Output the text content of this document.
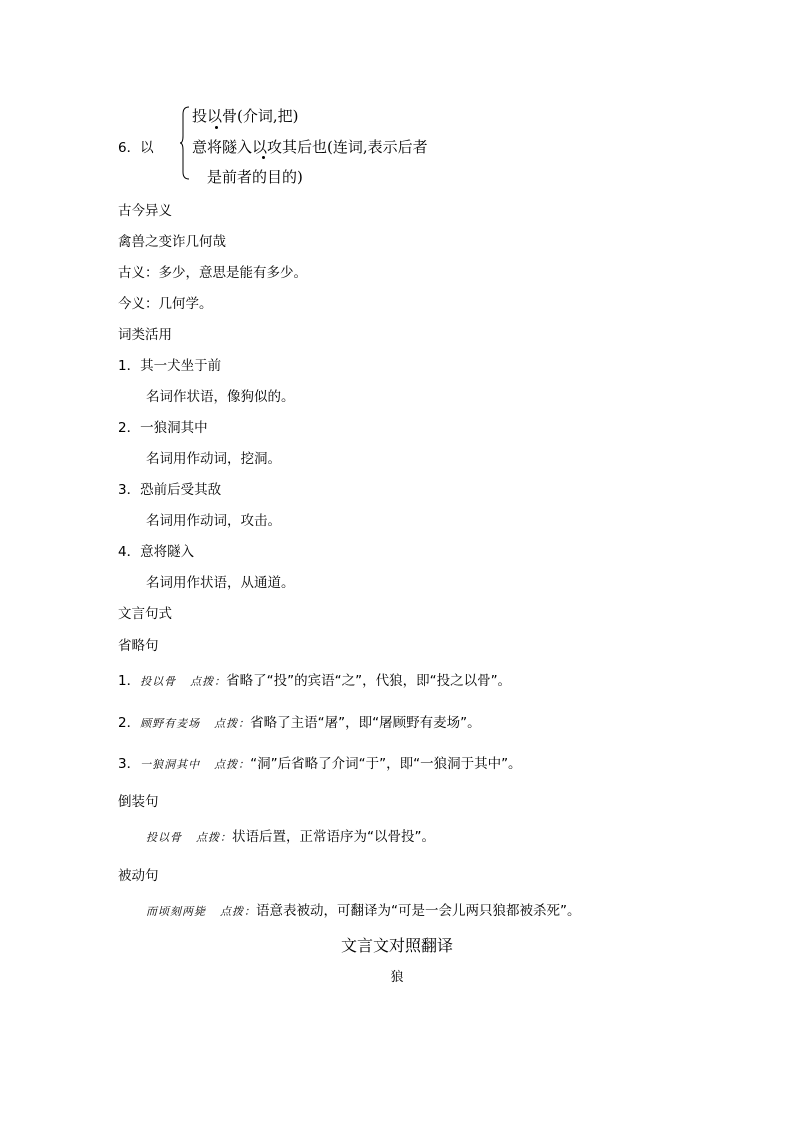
6．以
投以骨(介词,把)
意将隧入以攻其后也(连词,表示后者
是前者的目的)
古今异义
禽兽之变诈几何哉
古义：多少，意思是能有多少。
今义：几何学。
词类活用
1．其一犬坐于前
名词作状语，像狗似的。
2．一狼洞其中
名词用作动词，挖洞。
3．恐前后受其敌
名词用作动词，攻击。
4．意将隧入
名词用作状语，从通道。
文言句式
省略句
1．投以骨 点拨：省略了“投”的宾语“之”，代狼，即“投之以骨”。
2．顾野有麦场 点拨：省略了主语“屠”，即“屠顾野有麦场”。
3．一狼洞其中 点拨：“洞”后省略了介词“于”，即“一狼洞于其中”。
倒装句
投以骨 点拨：状语后置，正常语序为“以骨投”。
被动句
而顷刻两毙 点拨：语意表被动，可翻译为“可是一会儿两只狼都被杀死”。
文言文对照翻译
狼
